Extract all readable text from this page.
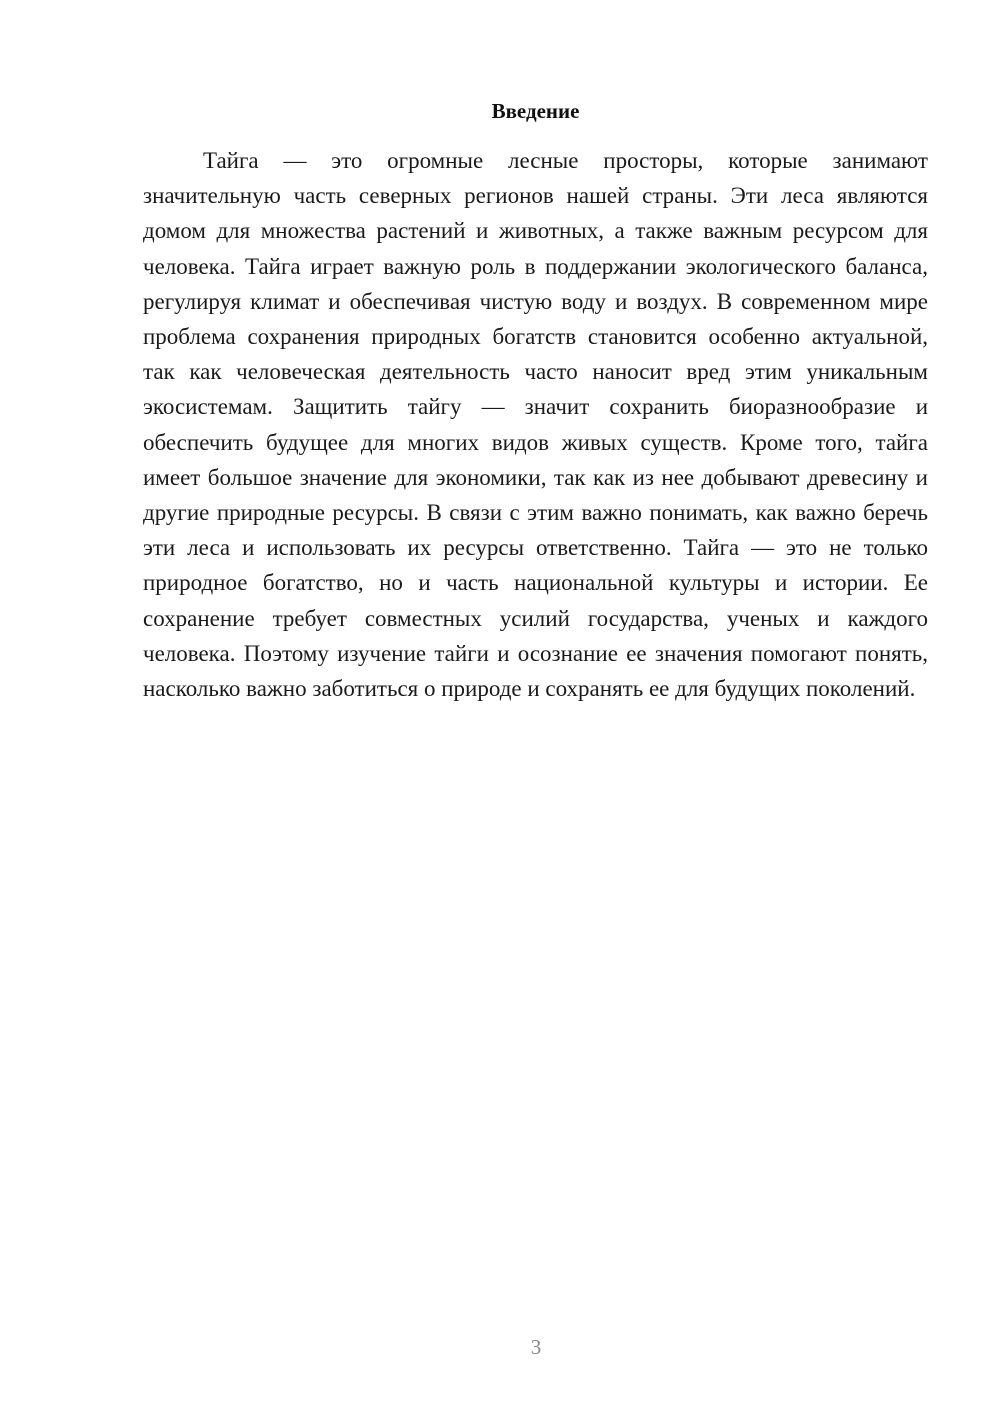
Введение

Тайга — это огромные лесные просторы, которые занимают значительную часть северных регионов нашей страны. Эти леса являются домом для множества растений и животных, а также важным ресурсом для человека. Тайга играет важную роль в поддержании экологического баланса, регулируя климат и обеспечивая чистую воду и воздух. В современном мире проблема сохранения природных богатств становится особенно актуальной, так как человеческая деятельность часто наносит вред этим уникальным экосистемам. Защитить тайгу — значит сохранить биоразнообразие и обеспечить будущее для многих видов живых существ. Кроме того, тайга имеет большое значение для экономики, так как из нее добывают древесину и другие природные ресурсы. В связи с этим важно понимать, как важно беречь эти леса и использовать их ресурсы ответственно. Тайга — это не только природное богатство, но и часть национальной культуры и истории. Ее сохранение требует совместных усилий государства, ученых и каждого человека. Поэтому изучение тайги и осознание ее значения помогают понять, насколько важно заботиться о природе и сохранять ее для будущих поколений.

3
